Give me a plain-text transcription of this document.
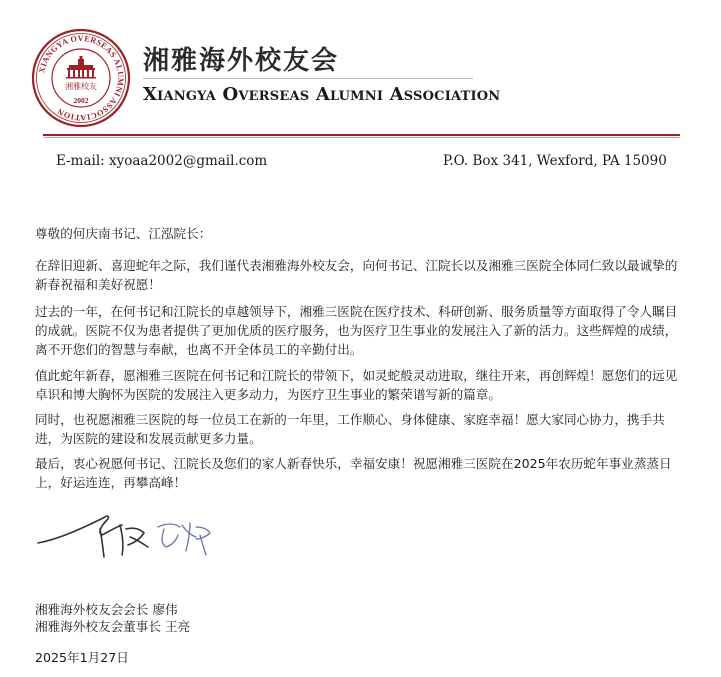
XIANGYA OVERSEAS ALUMNI ASSOCIATION
湘雅校友
2002
湘雅海外校友会
Xiangya Overseas Alumni Association
E-mail: xyoaa2002@gmail.com	P.O. Box 341, Wexford, PA 15090

尊敬的何庆南书记、江泓院长：

在辞旧迎新、喜迎蛇年之际，我们谨代表湘雅海外校友会，向何书记、江院长以及湘雅三医院全体同仁致以最诚挚的新春祝福和美好祝愿！

过去的一年，在何书记和江院长的卓越领导下，湘雅三医院在医疗技术、科研创新、服务质量等方面取得了令人瞩目的成就。医院不仅为患者提供了更加优质的医疗服务，也为医疗卫生事业的发展注入了新的活力。这些辉煌的成绩，离不开您们的智慧与奉献，也离不开全体员工的辛勤付出。

值此蛇年新春，愿湘雅三医院在何书记和江院长的带领下，如灵蛇般灵动进取，继往开来，再创辉煌！愿您们的远见卓识和博大胸怀为医院的发展注入更多动力，为医疗卫生事业的繁荣谱写新的篇章。

同时，也祝愿湘雅三医院的每一位员工在新的一年里，工作顺心、身体健康、家庭幸福！愿大家同心协力，携手共进，为医院的建设和发展贡献更多力量。

最后，衷心祝愿何书记、江院长及您们的家人新春快乐，幸福安康！祝愿湘雅三医院在2025年农历蛇年事业蒸蒸日上，好运连连，再攀高峰！

湘雅海外校友会会长 廖伟
湘雅海外校友会董事长 王亮
2025年1月27日
